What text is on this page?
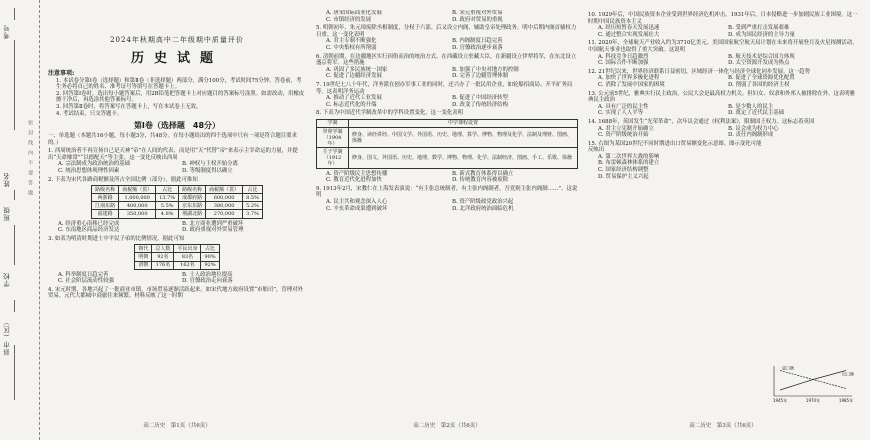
考号
姓名
班级
学校
县市（区）
密　封　线　内　不　要　答　题
2024年秋期高中二年级期中质量评价
历史试题
注意事项:
1. 本试卷分第Ⅰ卷（选择题）和第Ⅱ卷（非选择题）两部分，满分100分，考试时间75分钟。答卷前，考生务必将自己的姓名、准考证号等填写在答题卡上。
2. 回答第Ⅰ卷时，选出每小题答案后，用2B铅笔把答题卡上对应题目的答案标号涂黑。如需改动，用橡皮擦干净后，再选涂其他答案标号。
3. 回答第Ⅱ卷时，将答案写在答题卡上，写在本试卷上无效。
4. 考试结束，只交答题卡。
第Ⅰ卷（选择题　48分）
一、单选题（本题共16小题，每小题3分，共48分。在每小题给出的四个选项中只有一项是符合题目要求的。）
1. 西周统治者不再宣扬自己是天神“帝”在人间的代表，而是用“天”代替“帝”来表示主宰命运的力量，并提出“天命靡常”“以德配天”等主张。这一变化反映出西周
A. 宗法制成为政治统治的基础	B. 神权与王权开始分离
C. 统治思想体现理性因素	D. 等级制度得以确立
2. 下表为宋代各路商税额及所占全国比例（部分），据此可推知
路级名称	商税额（贯）	占比	路级名称	商税额（贯）	占比
两浙路	1,000,000	13.7%	成都府路	600,000	8.5%
江南东路	400,000	5.5%	京东东路	380,000	5.2%
福建路	350,000	4.8%	荆湖北路	270,000	3.7%
A. 经济重心南移已经完成	B. 北方商业遭到严重破坏
C. 东南地区商品经济发达	D. 政府重视对外贸易管理
3. 如表为明清时期进士中平民子弟的比例情况，据此可知
朝代	总人数	平民出身	占比
明朝	92名	83名	90%
清朝	176名	162名	92%
A. 科举制度日趋完善	B. 士人政治地位提高
C. 社会阶层流动性较强	D. 官僚政治走向衰落
4. 宋元时期，各地兴起了一批商业市镇，市场贸易逐渐活跃起来。如宋代地方政府设置“市舶司”，管理对外贸易。元代大都城中商旅往来频繁。材料反映了这一时期
高二历史　第1页（共6页）
A. 唐宋国际商业化发展	B. 宋元重视对外贸易
C. 市镇经济的发展	D. 政府对贸易的重视
5. 明朝初年，朱元璋废除丞相制度，分权于六部。后又设立内阁，辅助皇帝处理政务。明中后期内阁首辅权力日重。这一变化表明
A. 君主专制不断强化	B. 内阁制度日趋完善
C. 中央集权有所削弱	D. 官僚政治逐步衰落
6. 清朝前期，在边疆地区实行因俗而治的统治方式。在西藏设立驻藏大臣，在新疆设立伊犁将军，在东北设立盛京将军。这些措施
A. 巩固了多民族统一国家	B. 加强了中央对地方的控制
C. 促进了边疆经济发展	D. 完善了边疆管理体制
7. 19世纪七八十年代，洋务派在创办军事工业的同时，还兴办了一批民用企业，如轮船招商局、开平矿务局等。这表明洋务运动
A. 推动了近代工业发展	B. 促进了中国经济转型
C. 标志近代化的开端	D. 改变了传统经济结构
8. 下表为中国近代学制改革中的学科设置变化。这一变化表明
学制	中学课程设置
癸卯学制（1904年）	修身、读经讲经、中国文学、外国语、历史、地理、算学、博物、物理及化学、法制及理财、图画、体操
壬子学制（1912年）	修身、国文、外国语、历史、地理、数学、博物、物理、化学、法制经济、图画、手工、乐歌、体操
A. 资产阶级民主思想传播	B. 新式教育体系得以确立
C. 教育近代化进程加快	D. 传统教育内容被废除
9. 1913年2月，宋教仁在上海发表演说：“有主张总统制者，有主张内阁制者，吾党则主张内阁制……”。这说明
A. 民主共和观念深入人心	B. 资产阶级政党政治兴起
C. 辛亥革命成果遭到破坏	D. 北洋政府统治面临危机
高二历史　第2页（共6页）
10. 1929年后，中国民族资本企业受到世界经济危机冲击。1931年后，日本侵略进一步加剧民族工业困境。这一时期中国民族资本主义
A. 经历短暂春天发展迅速	B. 受到严重打击发展艰难
C. 通过整合实现发展壮大	D. 成为国民经济的主导力量
11. 2020年，全球航天产业收入约为3710亿美元。美国国家航空航天局计划在未来将开展登月及火星探测活动，中国航天事业也取得了重大突破。这说明
A. 科技竞争日趋激烈	B. 航天技术是综合国力体现
C. 国际合作不断加强	D. 太空资源开发成为热点
12. 21世纪以来，世界经济联系日益密切，区域经济一体化与经济全球化同步发展。这一趋势
A. 加快了世界多极化进程	B. 促进了全球资源优化配置
C. 消除了发展中国家的困境	D. 削弱了各国的经济主权
13. 公元前5世纪，雅典实行民主政治，公民大会是最高权力机关。但妇女、奴隶和外邦人被排除在外。这表明雅典民主政治
A. 具有广泛的民主性	B. 是少数人的民主
C. 实现了人人平等	D. 奠定了近代民主基础
14. 1688年，英国发生“光荣革命”，次年议会通过《权利法案》，限制国王权力。这标志着英国
A. 君主立宪制开始确立	B. 议会成为权力中心
C. 资产阶级统治开始	D. 责任内阁制形成
15. 右图为某国20世纪不同时期进出口贸易额变化示意图。图示变化可能反映出
A. 第二次世界大战的影响
B. 布雷顿森林体系的建立
C. 国家经济结构调整
D. 贸易保护主义兴起
1945年	1970年	1985年
出口额
进口额
高二历史　第3页（共6页）
